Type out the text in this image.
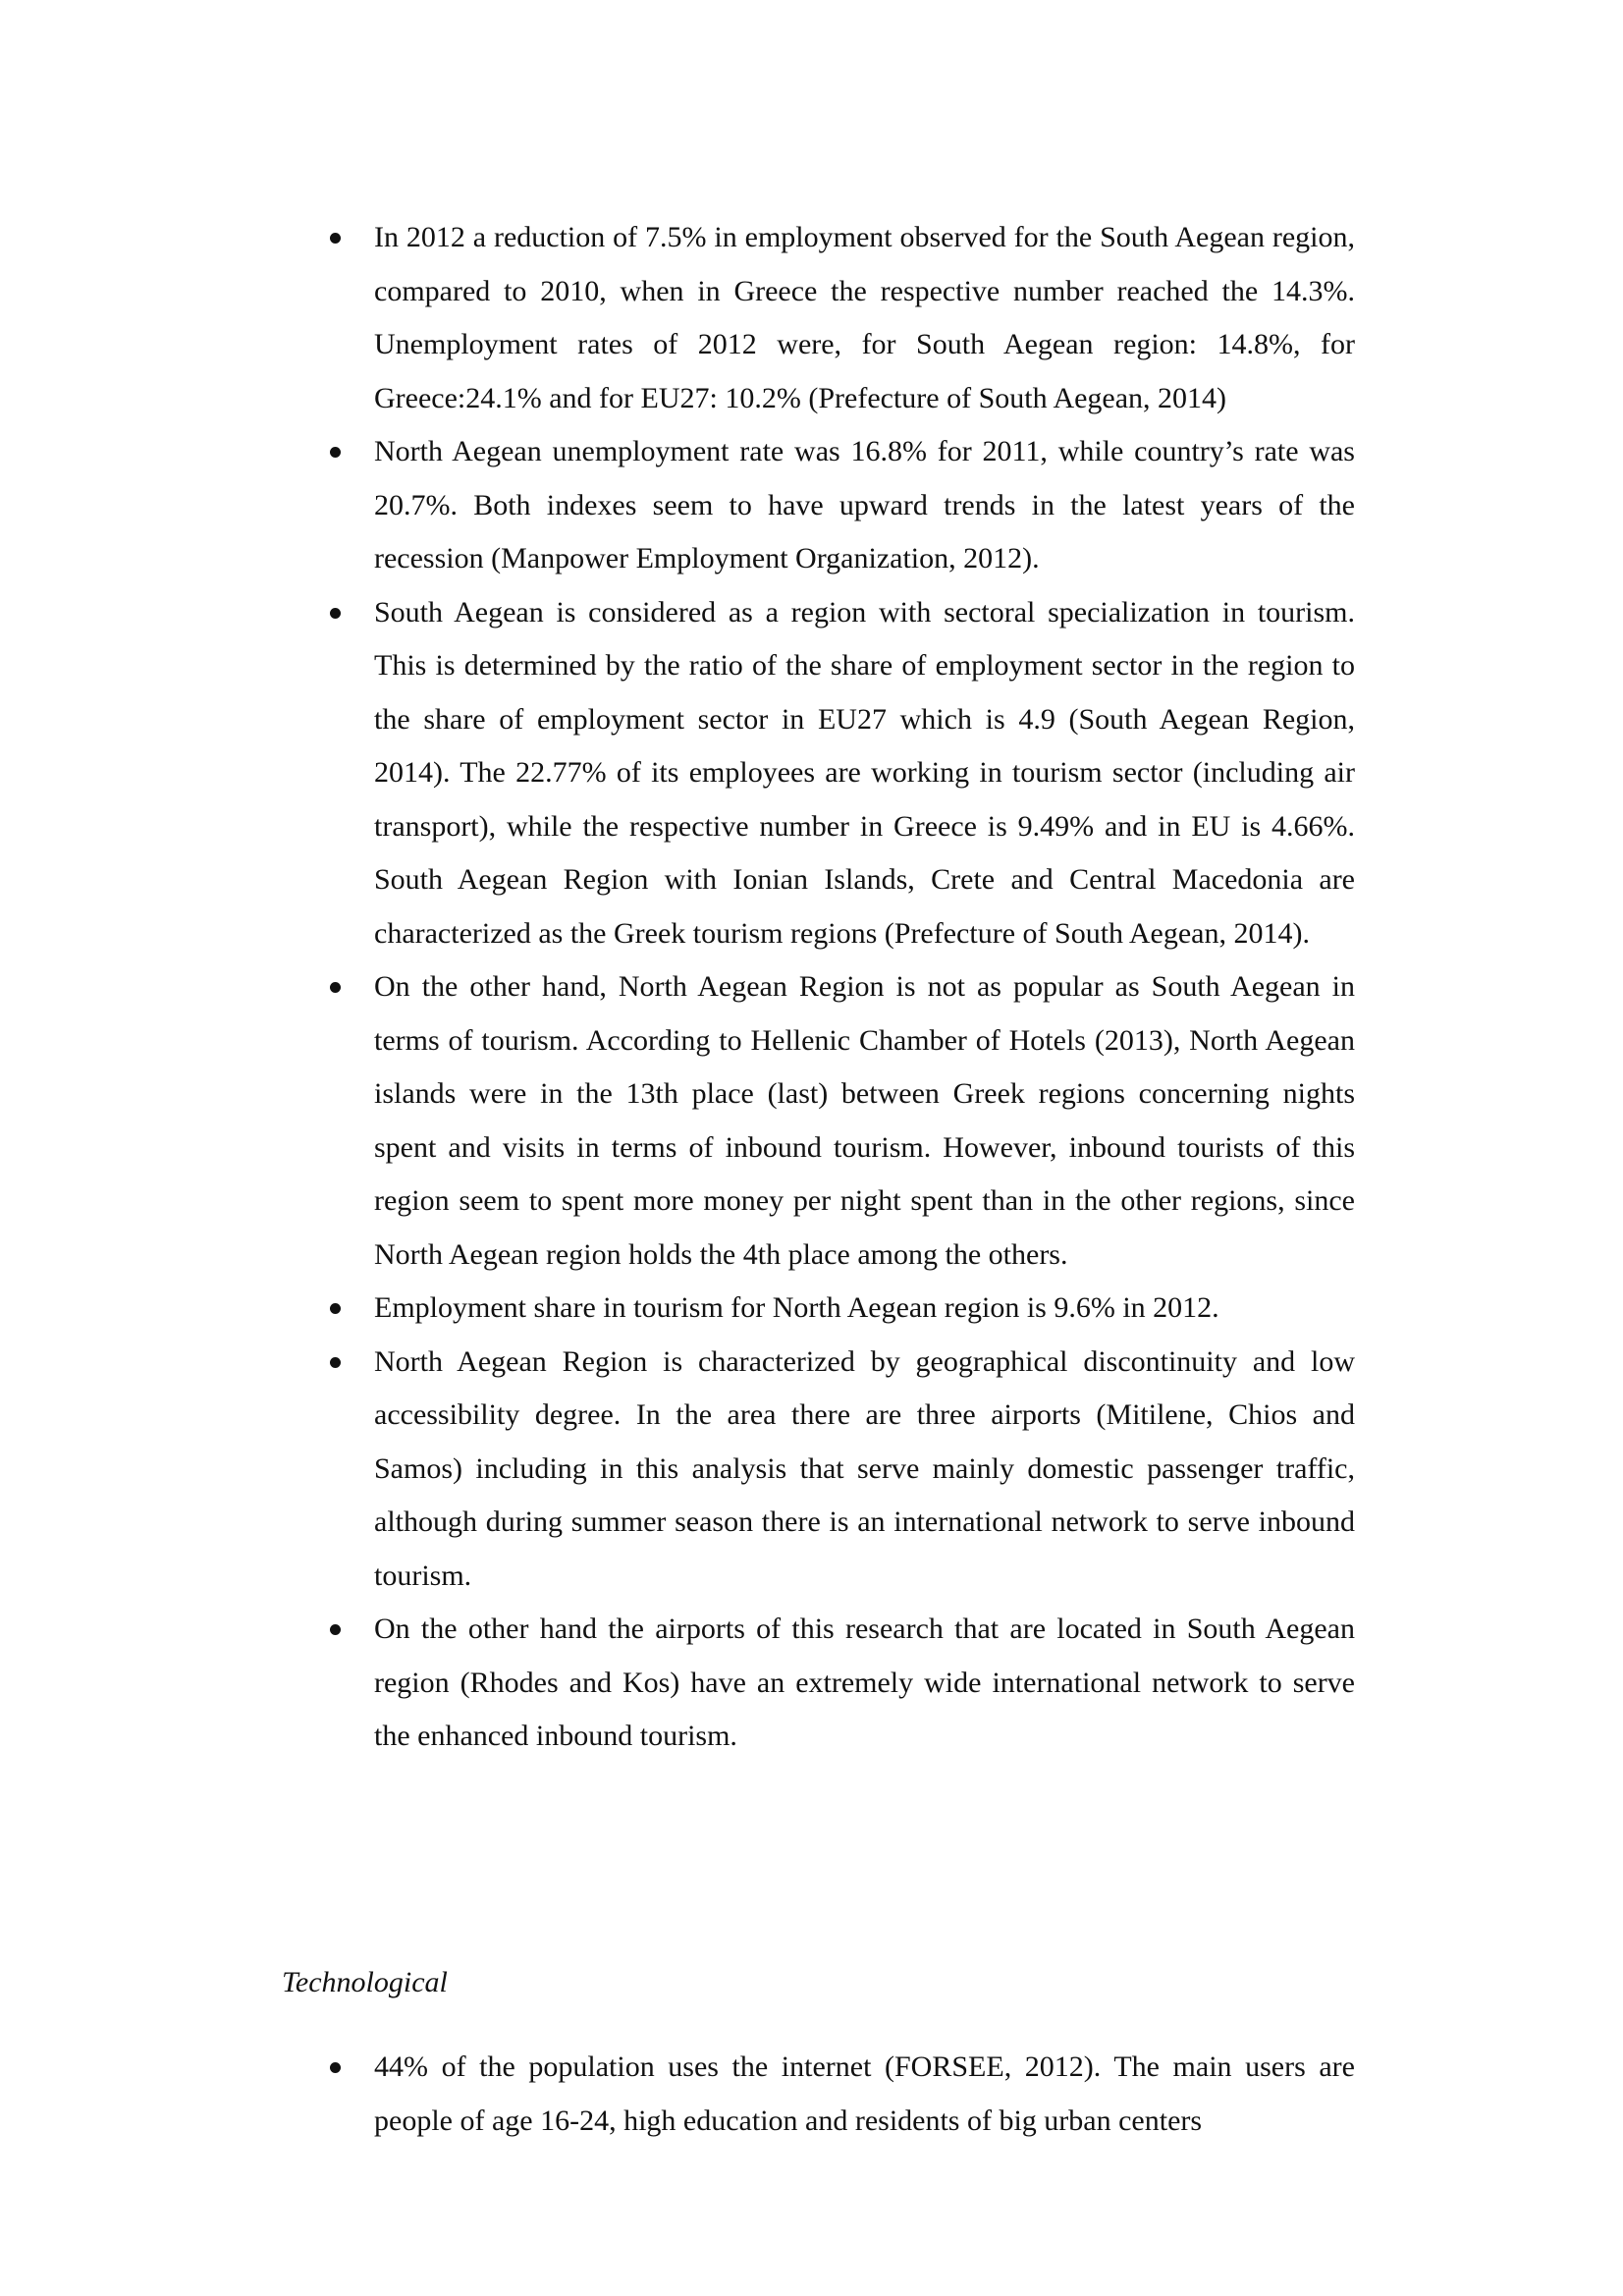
In 2012 a reduction of 7.5% in employment observed for the South Aegean region, compared to 2010, when in Greece the respective number reached the 14.3%. Unemployment rates of 2012 were, for South Aegean region: 14.8%, for Greece:24.1% and for EU27: 10.2% (Prefecture of South Aegean, 2014)
North Aegean unemployment rate was 16.8% for 2011, while country’s rate was 20.7%. Both indexes seem to have upward trends in the latest years of the recession (Manpower Employment Organization, 2012).
South Aegean is considered as a region with sectoral specialization in tourism. This is determined by the ratio of the share of employment sector in the region to the share of employment sector in EU27 which is 4.9 (South Aegean Region, 2014). The 22.77% of its employees are working in tourism sector (including air transport), while the respective number in Greece is 9.49% and in EU is 4.66%. South Aegean Region with Ionian Islands, Crete and Central Macedonia are characterized as the Greek tourism regions (Prefecture of South Aegean, 2014).
On the other hand, North Aegean Region is not as popular as South Aegean in terms of tourism. According to Hellenic Chamber of Hotels (2013), North Aegean islands were in the 13th place (last) between Greek regions concerning nights spent and visits in terms of inbound tourism. However, inbound tourists of this region seem to spent more money per night spent than in the other regions, since North Aegean region holds the 4th place among the others.
Employment share in tourism for North Aegean region is 9.6% in 2012.
North Aegean Region is characterized by geographical discontinuity and low accessibility degree. In the area there are three airports (Mitilene, Chios and Samos) including in this analysis that serve mainly domestic passenger traffic, although during summer season there is an international network to serve inbound tourism.
On the other hand the airports of this research that are located in South Aegean region (Rhodes and Kos) have an extremely wide international network to serve the enhanced inbound tourism.
Technological
44% of the population uses the internet (FORSEE, 2012). The main users are people of age 16-24, high education and residents of big urban centers
